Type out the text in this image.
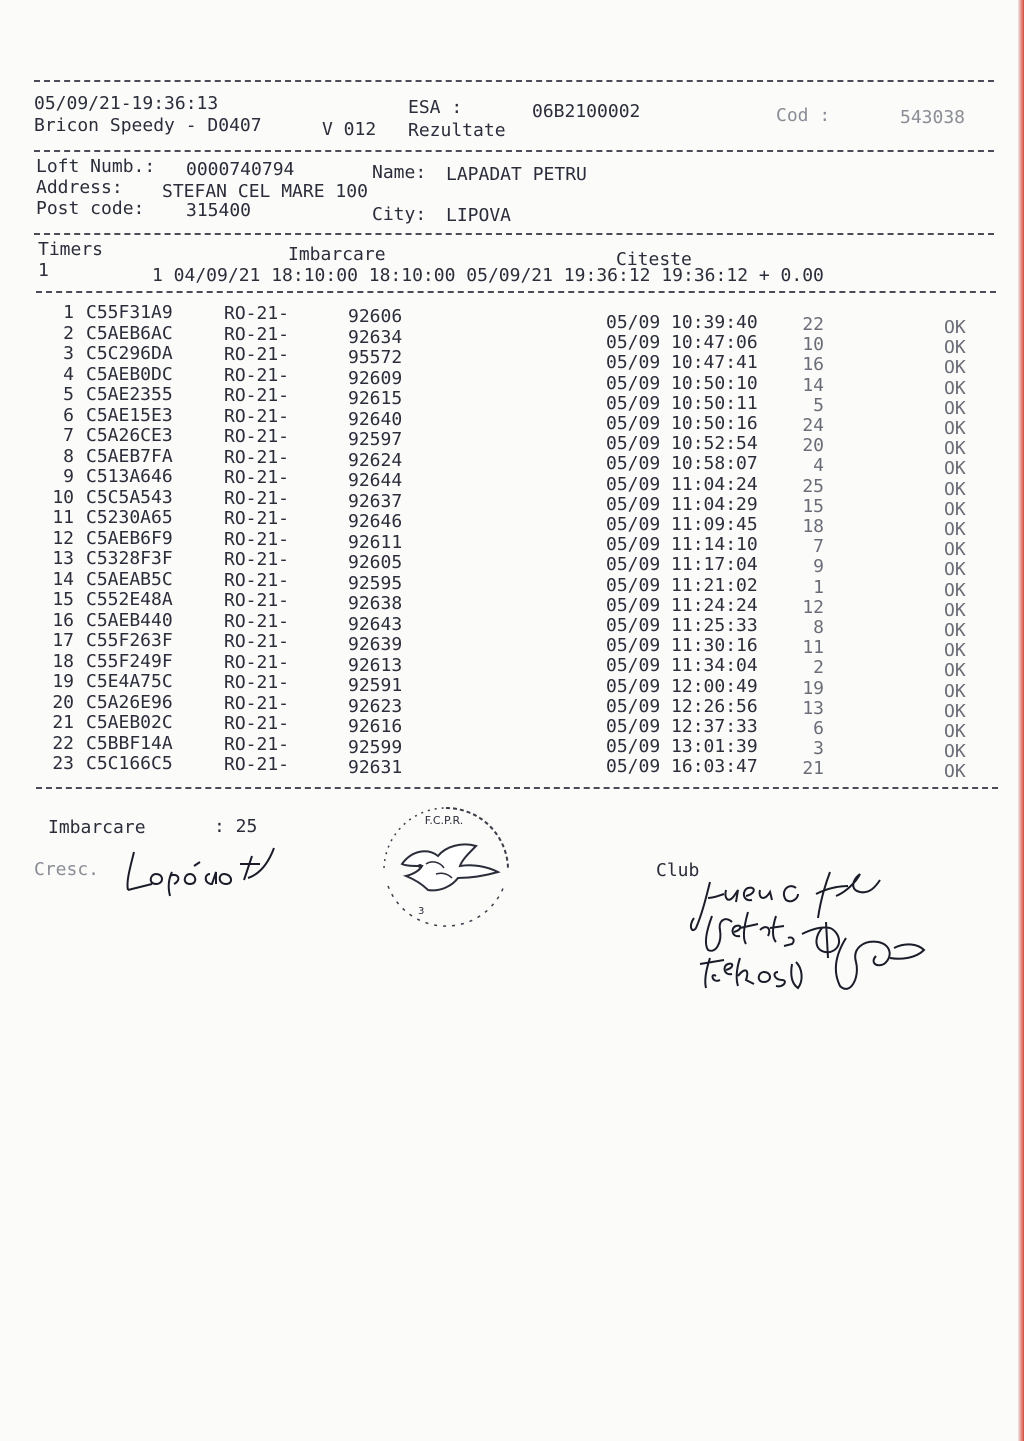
05/09/21-19:36:13	ESA :	06B2100002	Cod :	543038
Bricon Speedy - D0407	V 012 Rezultate
Loft Numb.: 0000740794	Name: LAPADAT PETRU
Address: STEFAN CEL MARE 100
Post code: 315400	City: LIPOVA
Timers	Imbarcare	Citeste
1	1 04/09/21 18:10:00 18:10:00 05/09/21 19:36:12 19:36:12 + 0.00
1 C55F31A9	RO-21-	92606	05/09 10:39:40	22	OK
2 C5AEB6AC	RO-21-	92634	05/09 10:47:06	10	OK
3 C5C296DA	RO-21-	95572	05/09 10:47:41	16	OK
4 C5AEB0DC	RO-21-	92609	05/09 10:50:10	14	OK
5 C5AE2355	RO-21-	92615	05/09 10:50:11	5	OK
6 C5AE15E3	RO-21-	92640	05/09 10:50:16	24	OK
7 C5A26CE3	RO-21-	92597	05/09 10:52:54	20	OK
8 C5AEB7FA	RO-21-	92624	05/09 10:58:07	4	OK
9 C513A646	RO-21-	92644	05/09 11:04:24	25	OK
10 C5C5A543	RO-21-	92637	05/09 11:04:29	15	OK
11 C5230A65	RO-21-	92646	05/09 11:09:45	18	OK
12 C5AEB6F9	RO-21-	92611	05/09 11:14:10	7	OK
13 C5328F3F	RO-21-	92605	05/09 11:17:04	9	OK
14 C5AEAB5C	RO-21-	92595	05/09 11:21:02	1	OK
15 C552E48A	RO-21-	92638	05/09 11:24:24	12	OK
16 C5AEB440	RO-21-	92643	05/09 11:25:33	8	OK
17 C55F263F	RO-21-	92639	05/09 11:30:16	11	OK
18 C55F249F	RO-21-	92613	05/09 11:34:04	2	OK
19 C5E4A75C	RO-21-	92591	05/09 12:00:49	19	OK
20 C5A26E96	RO-21-	92623	05/09 12:26:56	13	OK
21 C5AEB02C	RO-21-	92616	05/09 12:37:33	6	OK
22 C5BBF14A	RO-21-	92599	05/09 13:01:39	3	OK
23 C5C166C5	RO-21-	92631	05/09 16:03:47	21	OK
Imbarcare	: 25
Cresc.	Club
F.C.P.R.
3
